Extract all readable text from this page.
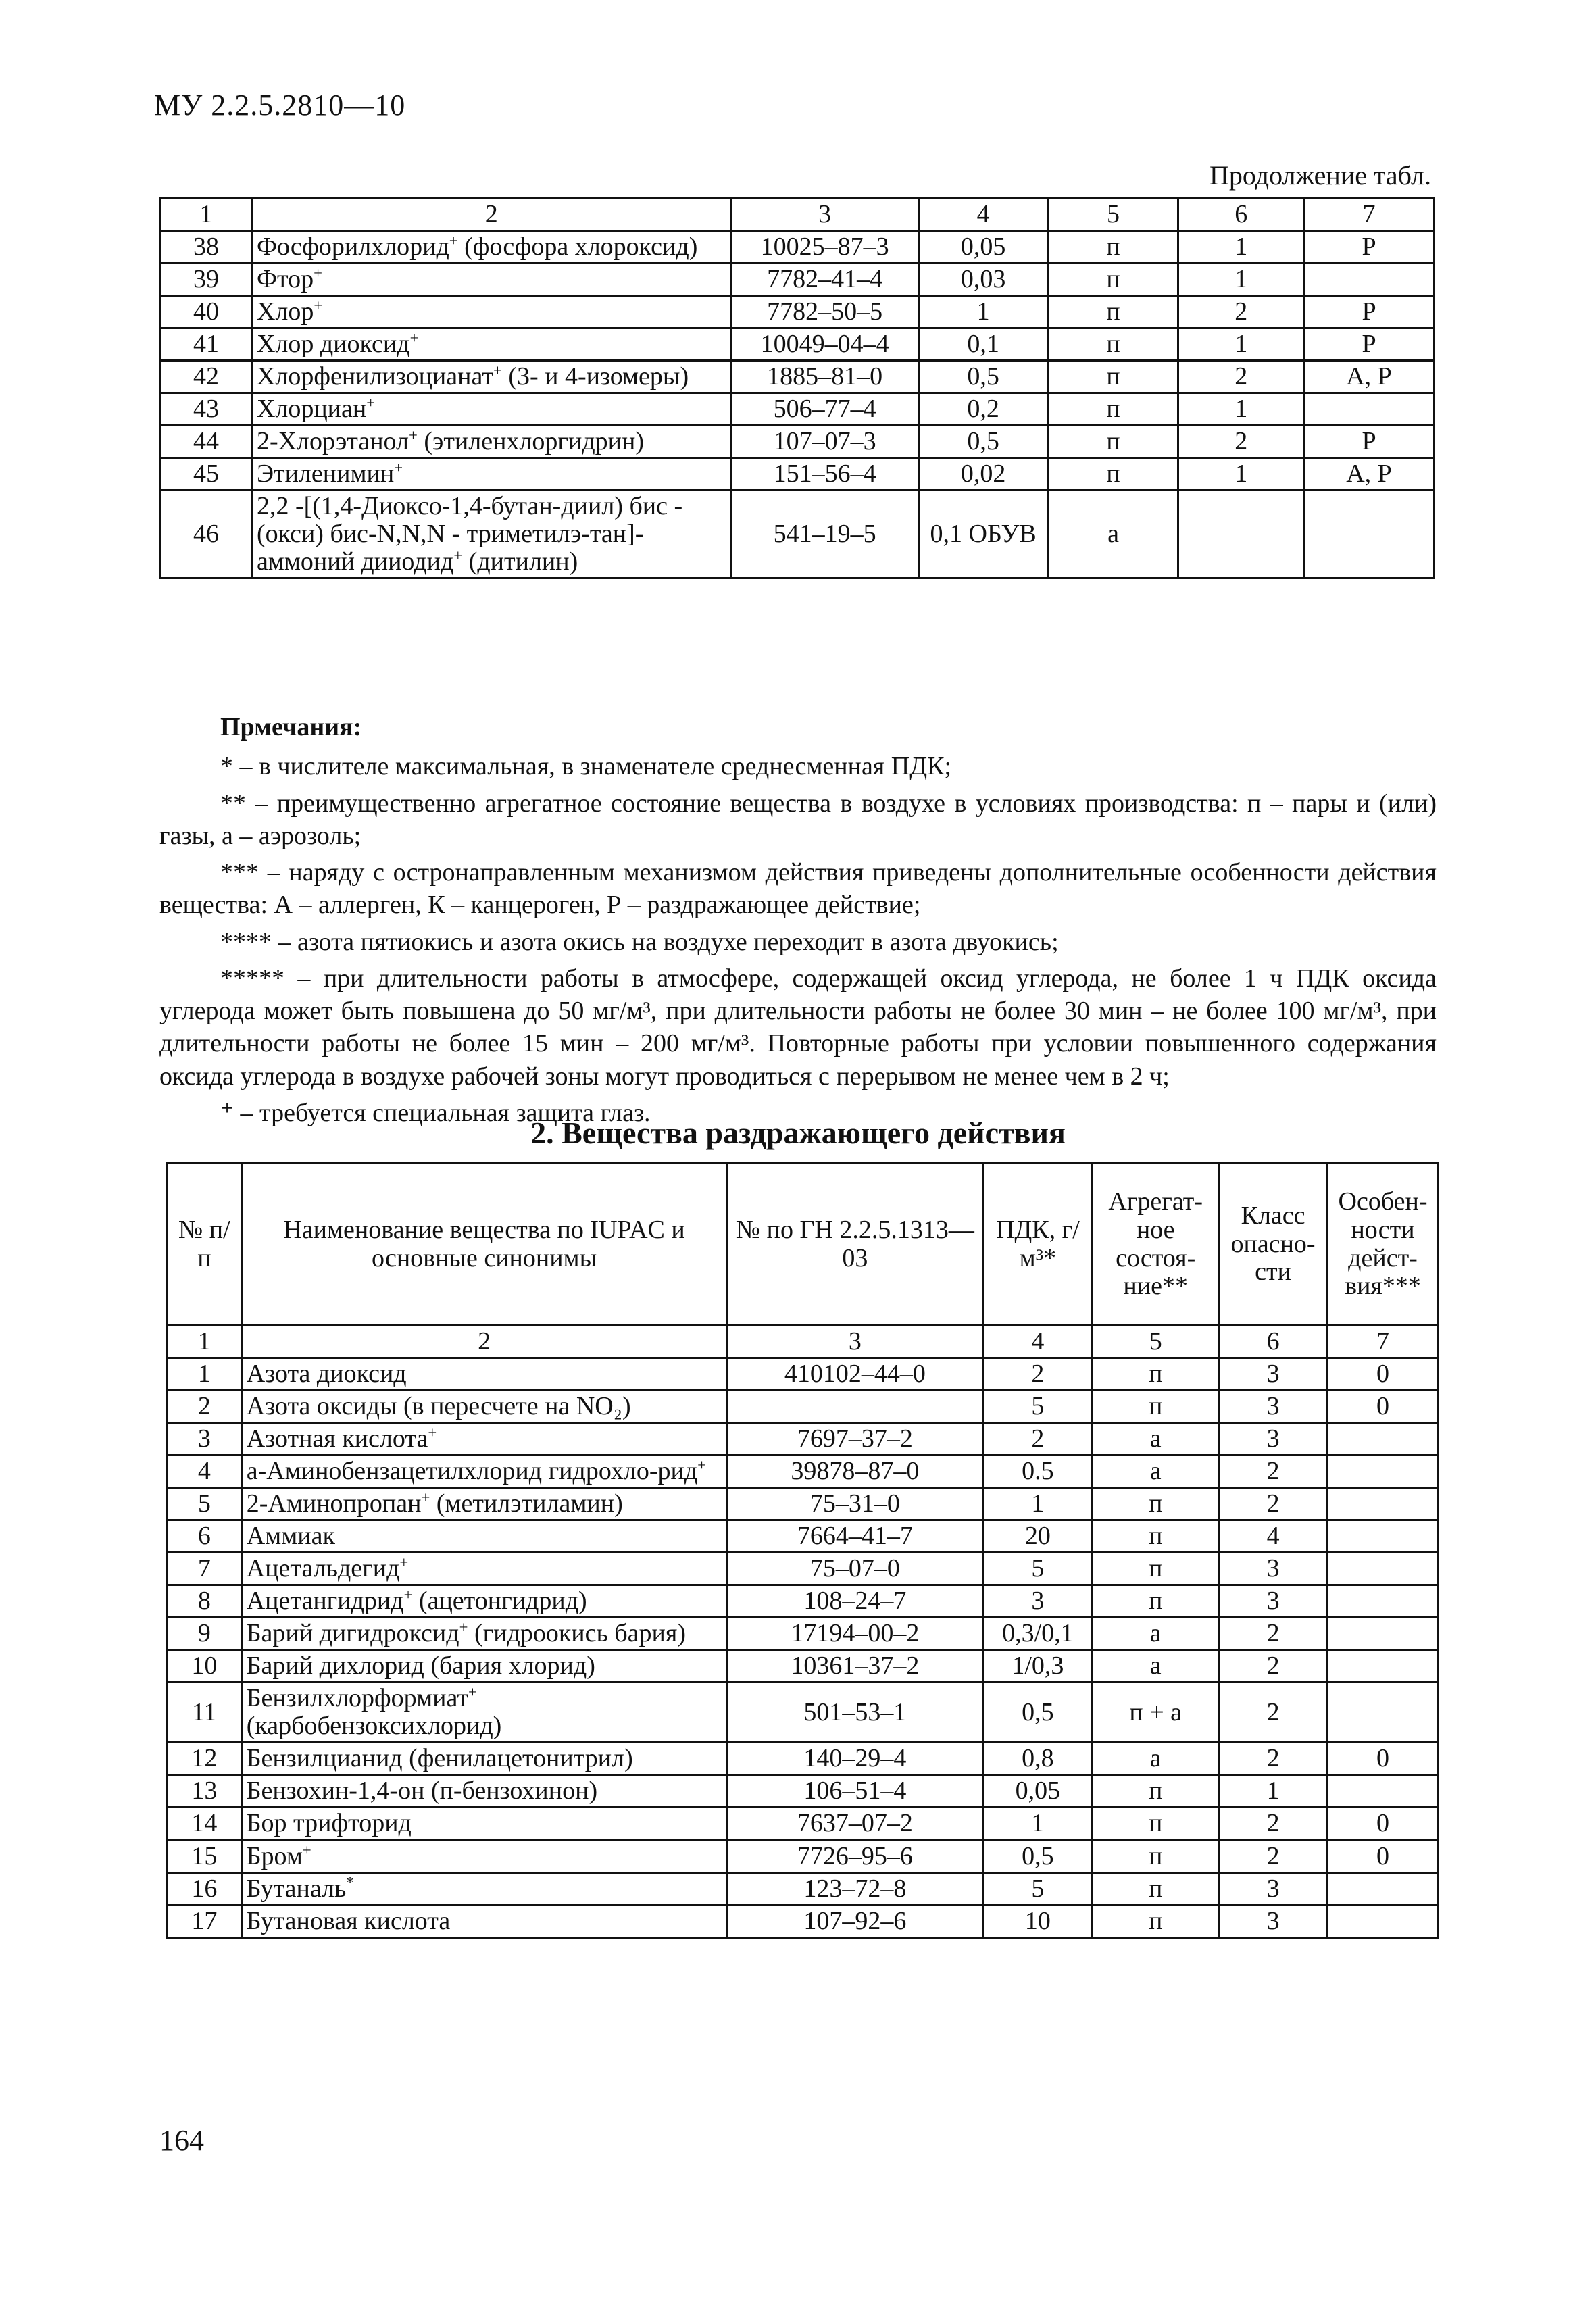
МУ 2.2.5.2810—10
Продолжение табл.
1	2	3	4	5	6	7
38	Фосфорилхлорид+ (фосфора хлороксид)	10025–87–3	0,05	п	1	Р
39	Фтор+	7782–41–4	0,03	п	1	
40	Хлор+	7782–50–5	1	п	2	Р
41	Хлор диоксид+	10049–04–4	0,1	п	1	Р
42	Хлорфенилизоцианат+ (3- и 4-изомеры)	1885–81–0	0,5	п	2	А, Р
43	Хлорциан+	506–77–4	0,2	п	1	
44	2-Хлорэтанол+ (этиленхлоргидрин)	107–07–3	0,5	п	2	Р
45	Этиленимин+	151–56–4	0,02	п	1	А, Р
46	2,2 -[(1,4-Диоксо-1,4-бутан-диил) бис - (окси) бис-N,N,N - триметилэ-тан]-аммоний дииодид+ (дитилин)	541–19–5	0,1 ОБУВ	а		
Прмечания:

* – в числителе максимальная, в знаменателе среднесменная ПДК;

** – преимущественно агрегатное состояние вещества в воздухе в условиях производства: п – пары и (или) газы, а – аэрозоль;

*** – наряду с остронаправленным механизмом действия приведены дополнительные особенности действия вещества: А – аллерген, К – канцероген, Р – раздражающее действие;

**** – азота пятиокись и азота окись на воздухе переходит в азота двуокись;

***** – при длительности работы в атмосфере, содержащей оксид углерода, не более 1 ч ПДК оксида углерода может быть повышена до 50 мг/м³, при длительности работы не более 30 мин – не более 100 мг/м³, при длительности работы не более 15 мин – 200 мг/м³. Повторные работы при условии повышенного содержания оксида углерода в воздухе рабочей зоны могут проводиться с перерывом не менее чем в 2 ч;

⁺ – требуется специальная защита глаз.

2. Вещества раздражающего действия
№ п/п	Наименование вещества по IUPAC и основные синонимы	№ по ГН 2.2.5.1313—03	ПДК, г/м³*	Агрегат-ное состоя-ние**	Класс опасно-сти	Особен-ности дейст-вия***
1	2	3	4	5	6	7
1	Азота диоксид	410102–44–0	2	п	3	0
2	Азота оксиды (в пересчете на NO₂)		5	п	3	0
3	Азотная кислота+	7697–37–2	2	а	3	
4	а-Аминобензацетилхлорид гидрохло-рид+	39878–87–0	0.5	а	2	
5	2-Аминопропан+ (метилэтиламин)	75–31–0	1	п	2	
6	Аммиак	7664–41–7	20	п	4	
7	Ацетальдегид+	75–07–0	5	п	3	
8	Ацетангидрид+ (ацетонгидрид)	108–24–7	3	п	3	
9	Барий дигидроксид+ (гидроокись бария)	17194–00–2	0,3/0,1	а	2	
10	Барий дихлорид (бария хлорид)	10361–37–2	1/0,3	а	2	
11	Бензилхлорформиат+ (карбобензоксихлорид)	501–53–1	0,5	п + а	2	
12	Бензилцианид (фенилацетонитрил)	140–29–4	0,8	а	2	0
13	Бензохин-1,4-он (п-бензохинон)	106–51–4	0,05	п	1	
14	Бор трифторид	7637–07–2	1	п	2	0
15	Бром+	7726–95–6	0,5	п	2	0
16	Бутаналь*	123–72–8	5	п	3	
17	Бутановая кислота	107–92–6	10	п	3	
164
